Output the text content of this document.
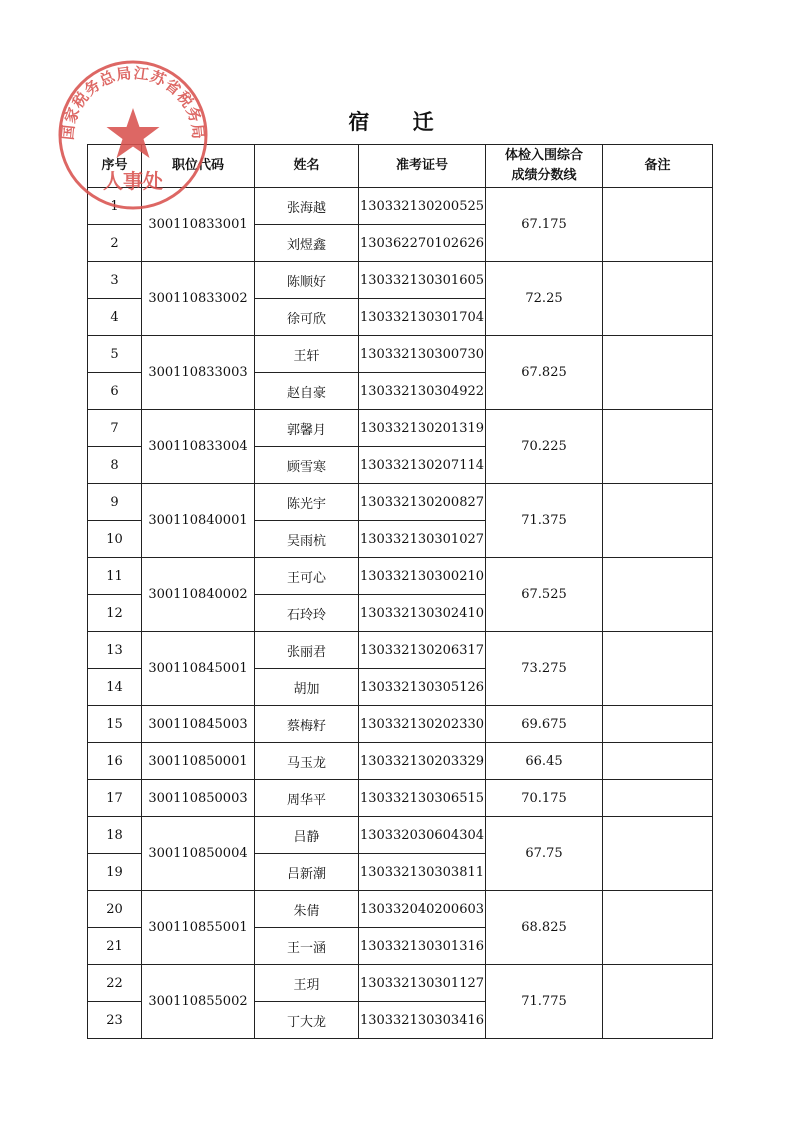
宿 迁
序号	职位代码	姓名	准考证号	体检入围综合成绩分数线	备注
1	300110833001	张海越	130332130200525	67.175	
2		刘煜鑫	130362270102626		
3	300110833002	陈顺好	130332130301605	72.25	
4		徐可欣	130332130301704		
5	300110833003	王轩	130332130300730	67.825	
6		赵自豪	130332130304922		
7	300110833004	郭馨月	130332130201319	70.225	
8		顾雪寒	130332130207114		
9	300110840001	陈光宇	130332130200827	71.375	
10		吴雨杭	130332130301027		
11	300110840002	王可心	130332130300210	67.525	
12		石玲玲	130332130302410		
13	300110845001	张丽君	130332130206317	73.275	
14		胡加	130332130305126		
15	300110845003	蔡梅籽	130332130202330	69.675	
16	300110850001	马玉龙	130332130203329	66.45	
17	300110850003	周华平	130332130306515	70.175	
18	300110850004	吕静	130332030604304	67.75	
19		吕新潮	130332130303811		
20	300110855001	朱倩	130332040200603	68.825	
21		王一涵	130332130301316		
22	300110855002	王玥	130332130301127	71.775	
23		丁大龙	130332130303416		
国家税务总局江苏省税务局
人事处
